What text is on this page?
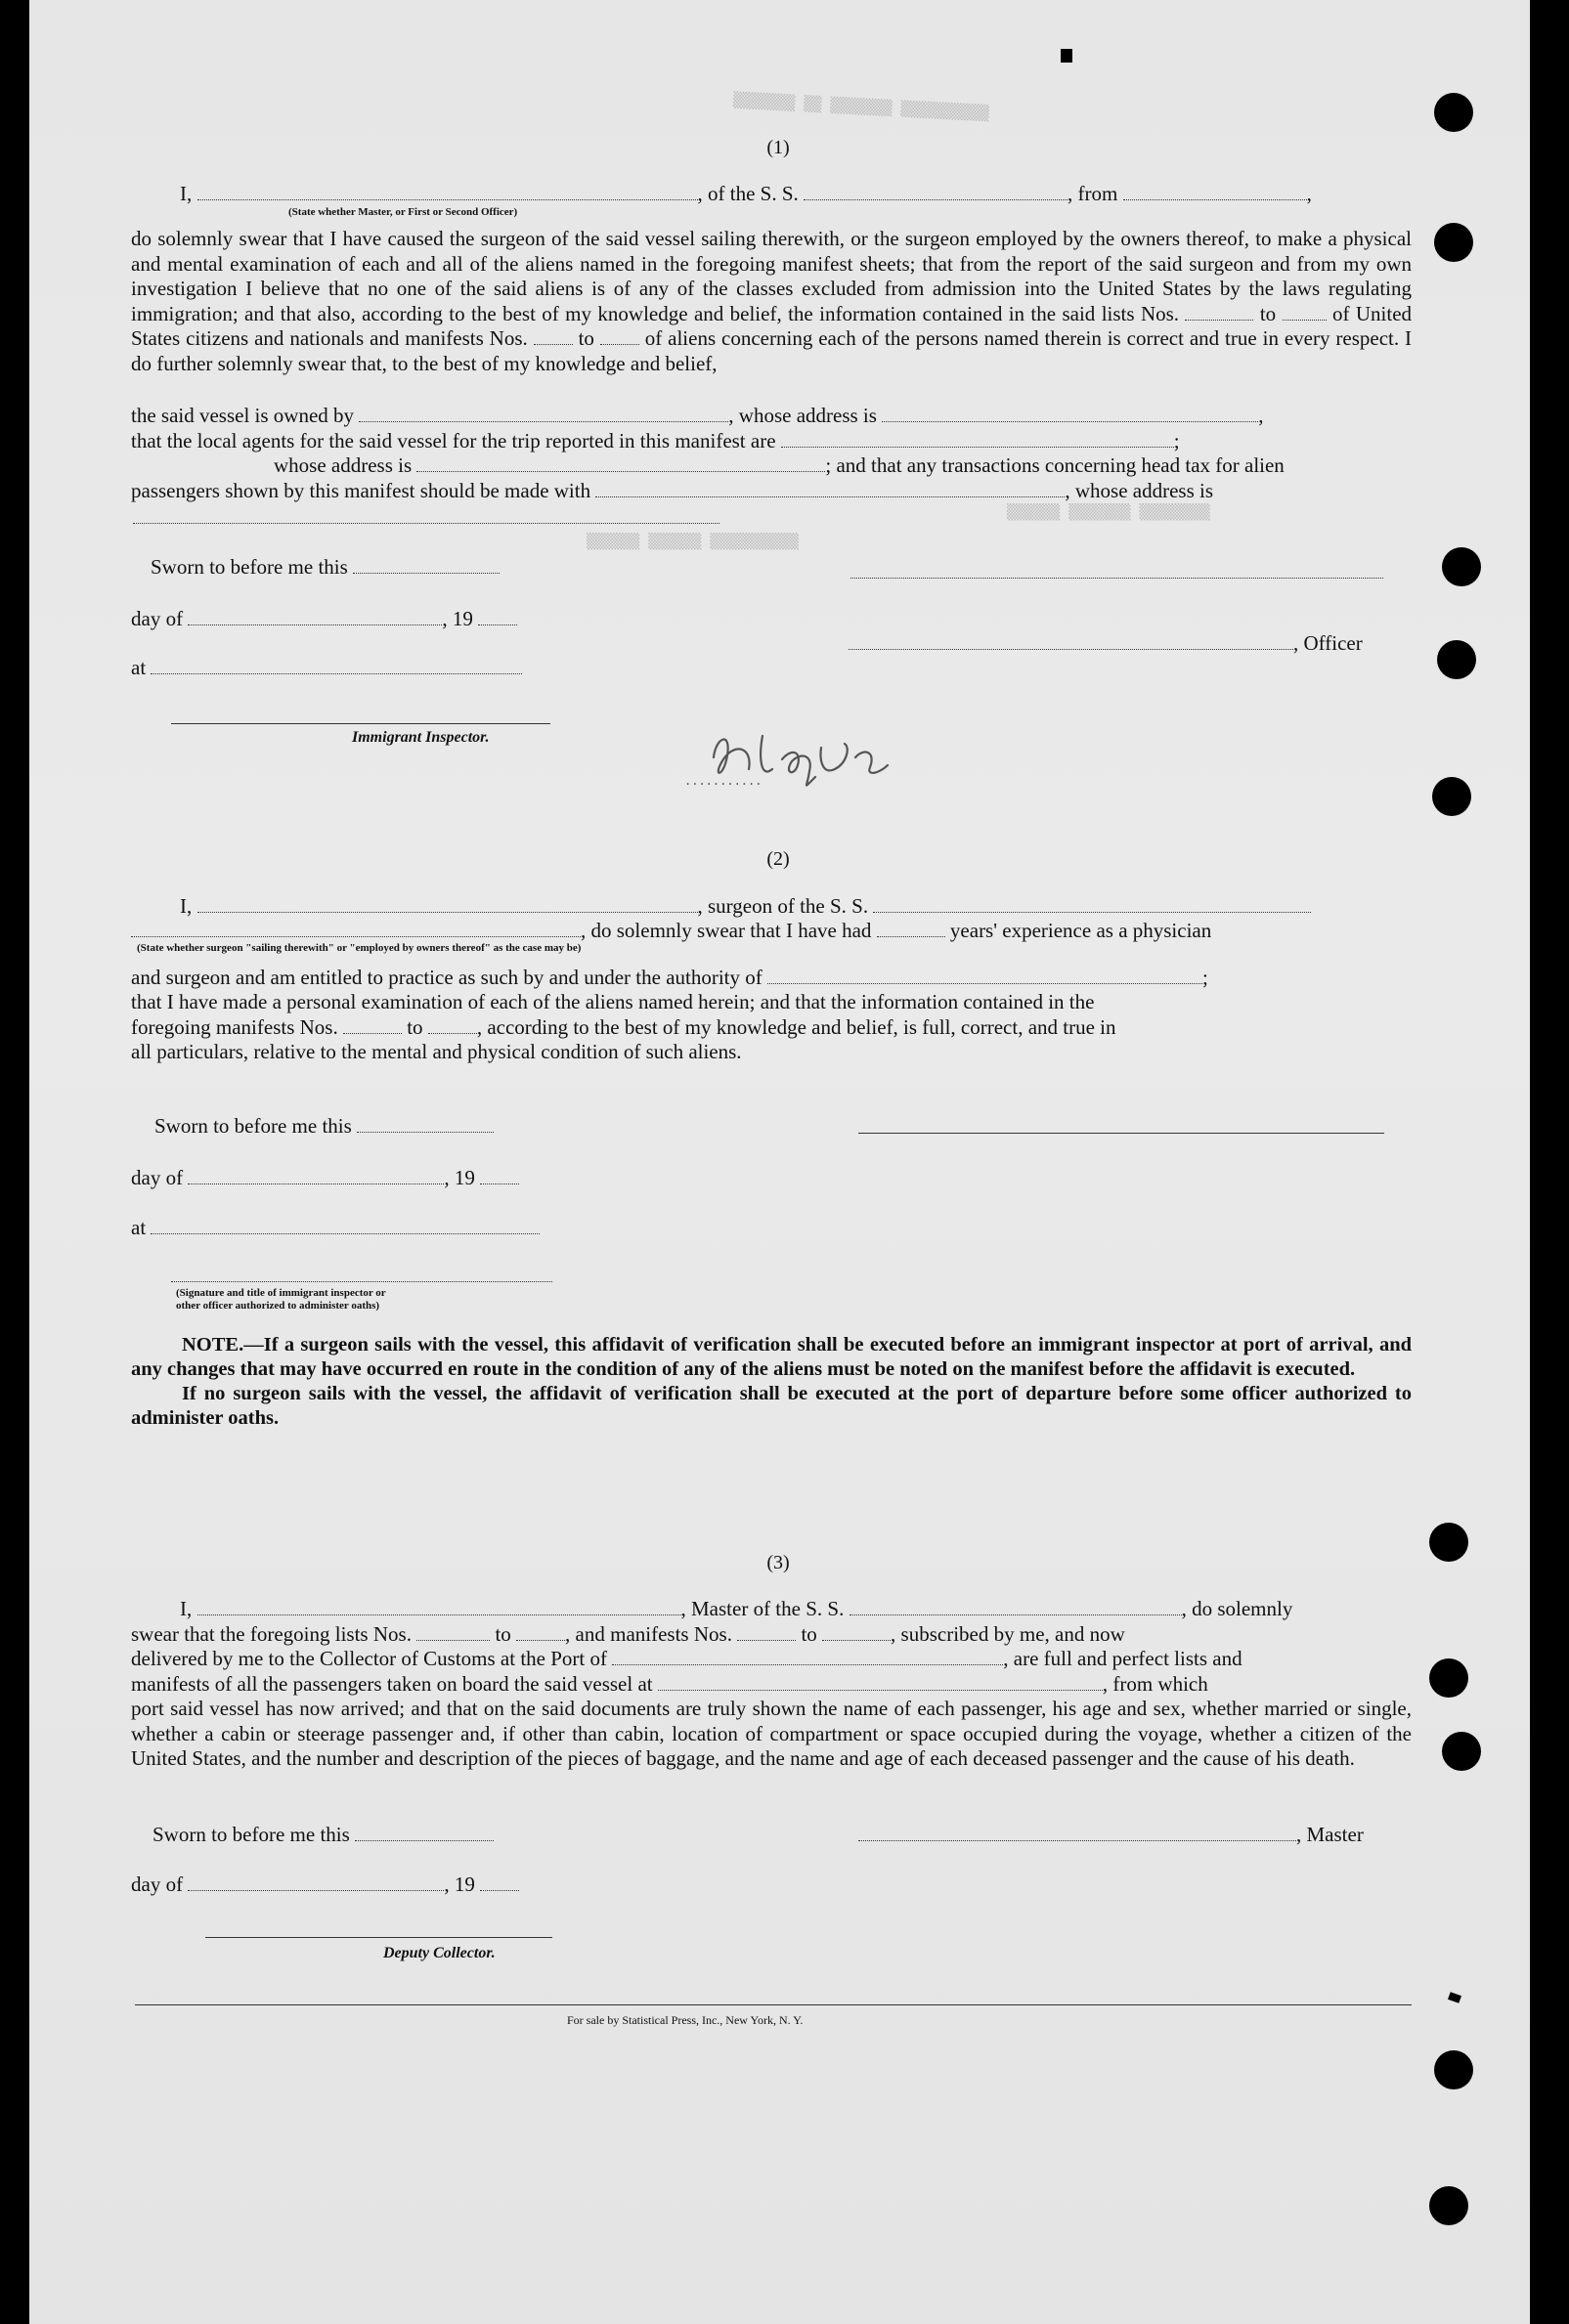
▒▒▒▒▒▒▒ ▒▒ ▒▒▒▒▒▒▒ ▒▒▒▒▒▒▒▒▒▒
▒▒▒▒▒▒ ▒▒▒▒▒▒ ▒▒▒▒▒▒▒▒▒▒
▒▒▒▒▒▒ ▒▒▒▒▒▒▒ ▒▒▒▒▒▒▒▒
(1)
I,	, of the S. S.	, from	,
(State whether Master, or First or Second Officer)

do solemnly swear that I have caused the surgeon of the said vessel sailing therewith, or the surgeon employed by the owners thereof, to make a physical and mental examination of each and all of the aliens named in the foregoing manifest sheets; that from the report of the said surgeon and from my own investigation I believe that no one of the said aliens is of any of the classes excluded from admission into the United States by the laws regulating immigration; and that also, according to the best of my knowledge and belief, the information contained in the said lists Nos.	to	of United States citizens and nationals and manifests Nos. to of aliens concerning each of the persons named therein is correct and true in every respect. I do further solemnly swear that, to the best of my knowledge and belief,

the said vessel is owned by	, whose address is	,
that the local agents for the said vessel for the trip reported in this manifest are	;
whose address is	; and that any transactions concerning head tax for alien
passengers shown by this manifest should be made with	, whose address is
Sworn to before me this
day of	, 19
, Officer
at
Immigrant Inspector.
...........
(2)
I,	, surgeon of the S. S.
, do solemnly swear that I have had	years' experience as a physician
(State whether surgeon "sailing therewith" or "employed by owners thereof" as the case may be)
and surgeon and am entitled to practice as such by and under the authority of	;
that I have made a personal examination of each of the aliens named herein; and that the information contained in the
foregoing manifests Nos.	to	, according to the best of my knowledge and belief, is full, correct, and true in
all particulars, relative to the mental and physical condition of such aliens.
Sworn to before me this
day of	, 19
at
(Signature and title of immigrant inspector or
other officer authorized to administer oaths)
NOTE.—If a surgeon sails with the vessel, this affidavit of verification shall be executed before an immigrant inspector at port of arrival, and any changes that may have occurred en route in the condition of any of the aliens must be noted on the manifest before the affidavit is executed.
If no surgeon sails with the vessel, the affidavit of verification shall be executed at the port of departure before some officer authorized to administer oaths.
(3)
I,	, Master of the S. S.	, do solemnly
swear that the foregoing lists Nos.	to	, and manifests Nos.	to	, subscribed by me, and now
delivered by me to the Collector of Customs at the Port of	, are full and perfect lists and
manifests of all the passengers taken on board the said vessel at	, from which
port said vessel has now arrived; and that on the said documents are truly shown the name of each passenger, his age and sex, whether married or single, whether a cabin or steerage passenger and, if other than cabin, location of compartment or space occupied during the voyage, whether a citizen of the United States, and the number and description of the pieces of baggage, and the name and age of each deceased passenger and the cause of his death.
Sworn to before me this	, Master
day of	, 19
Deputy Collector.
For sale by Statistical Press, Inc., New York, N. Y.
